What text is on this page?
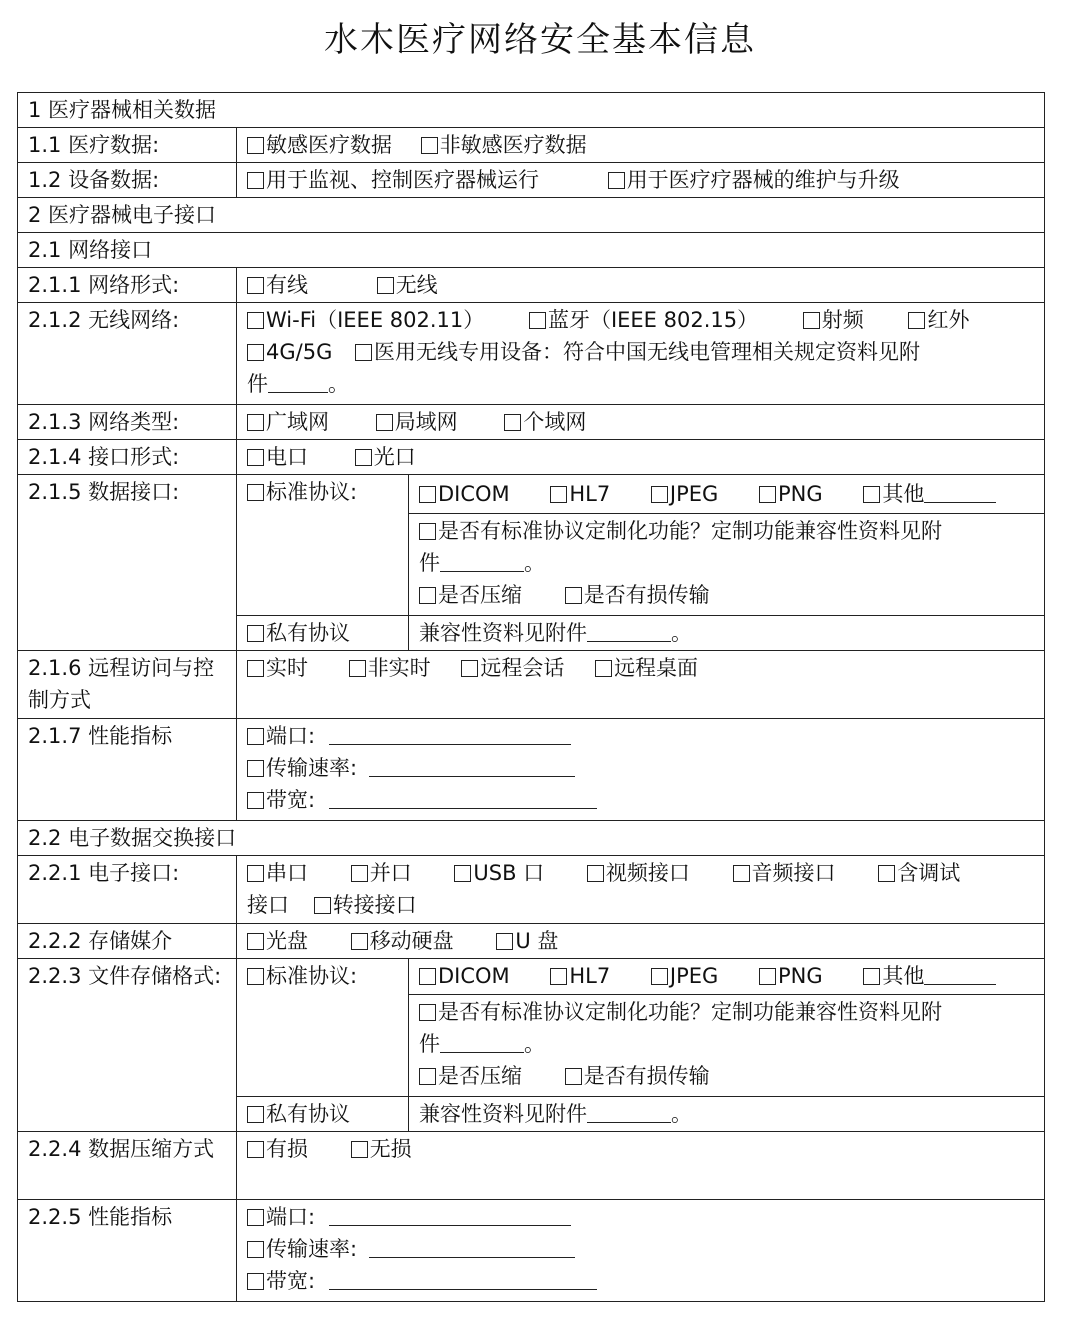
水木医疗网络安全基本信息
1 医疗器械相关数据		
1.1 医疗数据:	敏感医疗数据 非敏感医疗数据	
1.2 设备数据:	用于监视、控制医疗器械运行 用于医疗疗器械的维护与升级	
2 医疗器械电子接口		
2.1 网络接口		
2.1.1 网络形式:	有线 无线	
2.1.2 无线网络:	Wi-Fi（IEEE 802.11） 蓝牙（IEEE 802.15） 射频 红外
4G/5G 医用无线专用设备：符合中国无线电管理相关规定资料见附
件 。	

2.1.3 网络类型:	广域网 局域网 个域网	
2.1.4 接口形式:	电口 光口	
2.1.5 数据接口:	标准协议:	DICOM HL7 JPEG PNG 其他

		是否有标准协议定制化功能？定制功能兼容性资料见附
件 。
是否压缩 是否有损传输

	私有协议	兼容性资料见附件 。
2.1.6 远程访问与控制方式	实时 非实时 远程会话 远程桌面	
2.1.7 性能指标	端口:
传输速率:
带宽:	

2.2 电子数据交换接口		
2.2.1 电子接口:	串口 并口 USB 口 视频接口 音频接口 含调试
接口 转接接口	

2.2.2 存储媒介	光盘 移动硬盘 U 盘	
2.2.3 文件存储格式:	标准协议:	DICOM HL7 JPEG PNG 其他

		是否有标准协议定制化功能？定制功能兼容性资料见附
件 。
是否压缩 是否有损传输

	私有协议	兼容性资料见附件 。
2.2.4 数据压缩方式	有损 无损	
2.2.5 性能指标	端口:
传输速率:
带宽:	
